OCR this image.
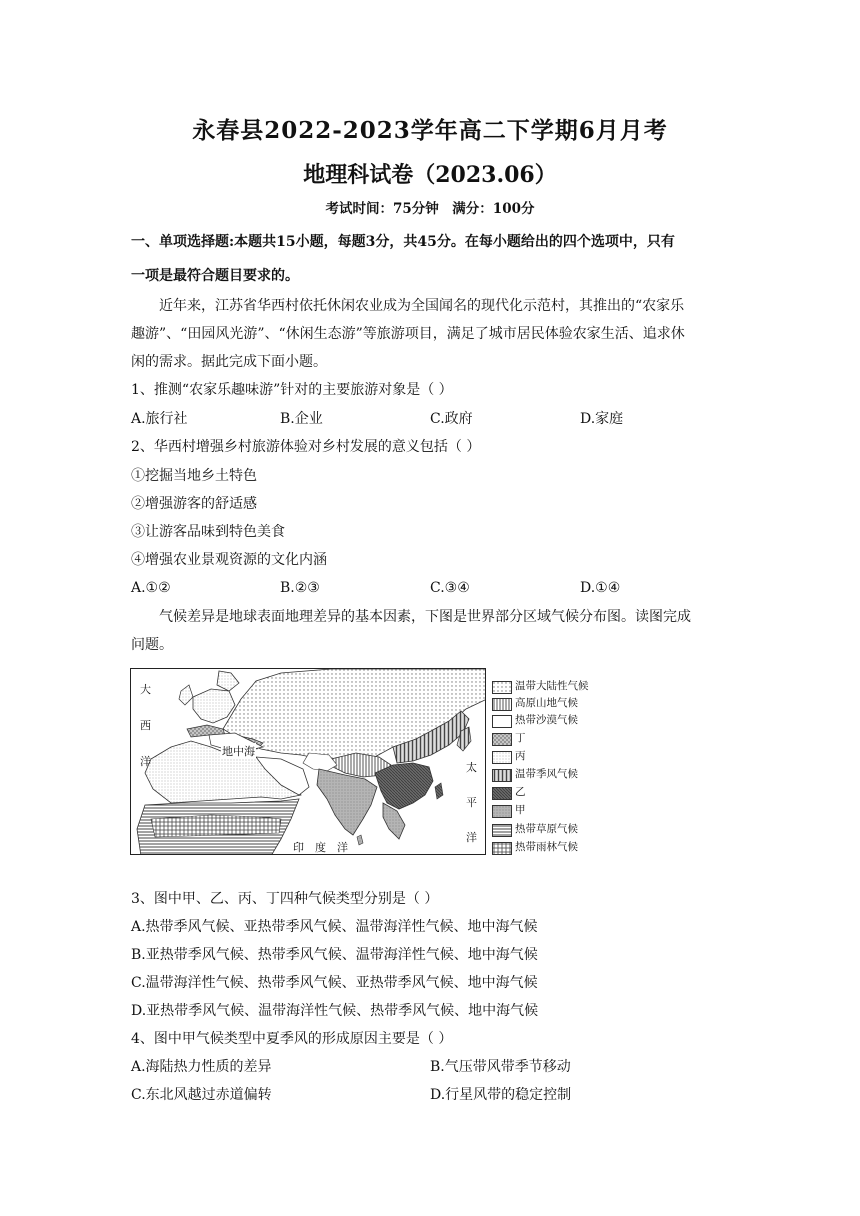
永春县2022-2023学年高二下学期6月月考
地理科试卷（2023.06）
考试时间：75分钟　满分：100分
一、单项选择题:本题共15小题，每题3分，共45分。在每小题给出的四个选项中，只有
一项是最符合题目要求的。
近年来，江苏省华西村依托休闲农业成为全国闻名的现代化示范村，其推出的“农家乐
趣游”、“田园风光游”、“休闲生态游”等旅游项目，满足了城市居民体验农家生活、追求休
闲的需求。据此完成下面小题。
1、推测“农家乐趣味游”针对的主要旅游对象是（ ）
A.旅行社	B.企业	C.政府	D.家庭
2、华西村增强乡村旅游体验对乡村发展的意义包括（ ）
①挖掘当地乡土特色
②增强游客的舒适感
③让游客品味到特色美食
④增强农业景观资源的文化内涵
A.①②	B.②③	C.③④	D.①④
气候差异是地球表面地理差异的基本因素，下图是世界部分区域气候分布图。读图完成
问题。
大
西
洋
地中海
太
平
洋
印　度　洋
温带大陆性气候
高原山地气候
热带沙漠气候
丁
丙
温带季风气候
乙
甲
热带草原气候
热带雨林气候
3、图中甲、乙、丙、丁四种气候类型分别是（ ）
A.热带季风气候、亚热带季风气候、温带海洋性气候、地中海气候
B.亚热带季风气候、热带季风气候、温带海洋性气候、地中海气候
C.温带海洋性气候、热带季风气候、亚热带季风气候、地中海气候
D.亚热带季风气候、温带海洋性气候、热带季风气候、地中海气候
4、图中甲气候类型中夏季风的形成原因主要是（ ）
A.海陆热力性质的差异	B.气压带风带季节移动
C.东北风越过赤道偏转	D.行星风带的稳定控制
